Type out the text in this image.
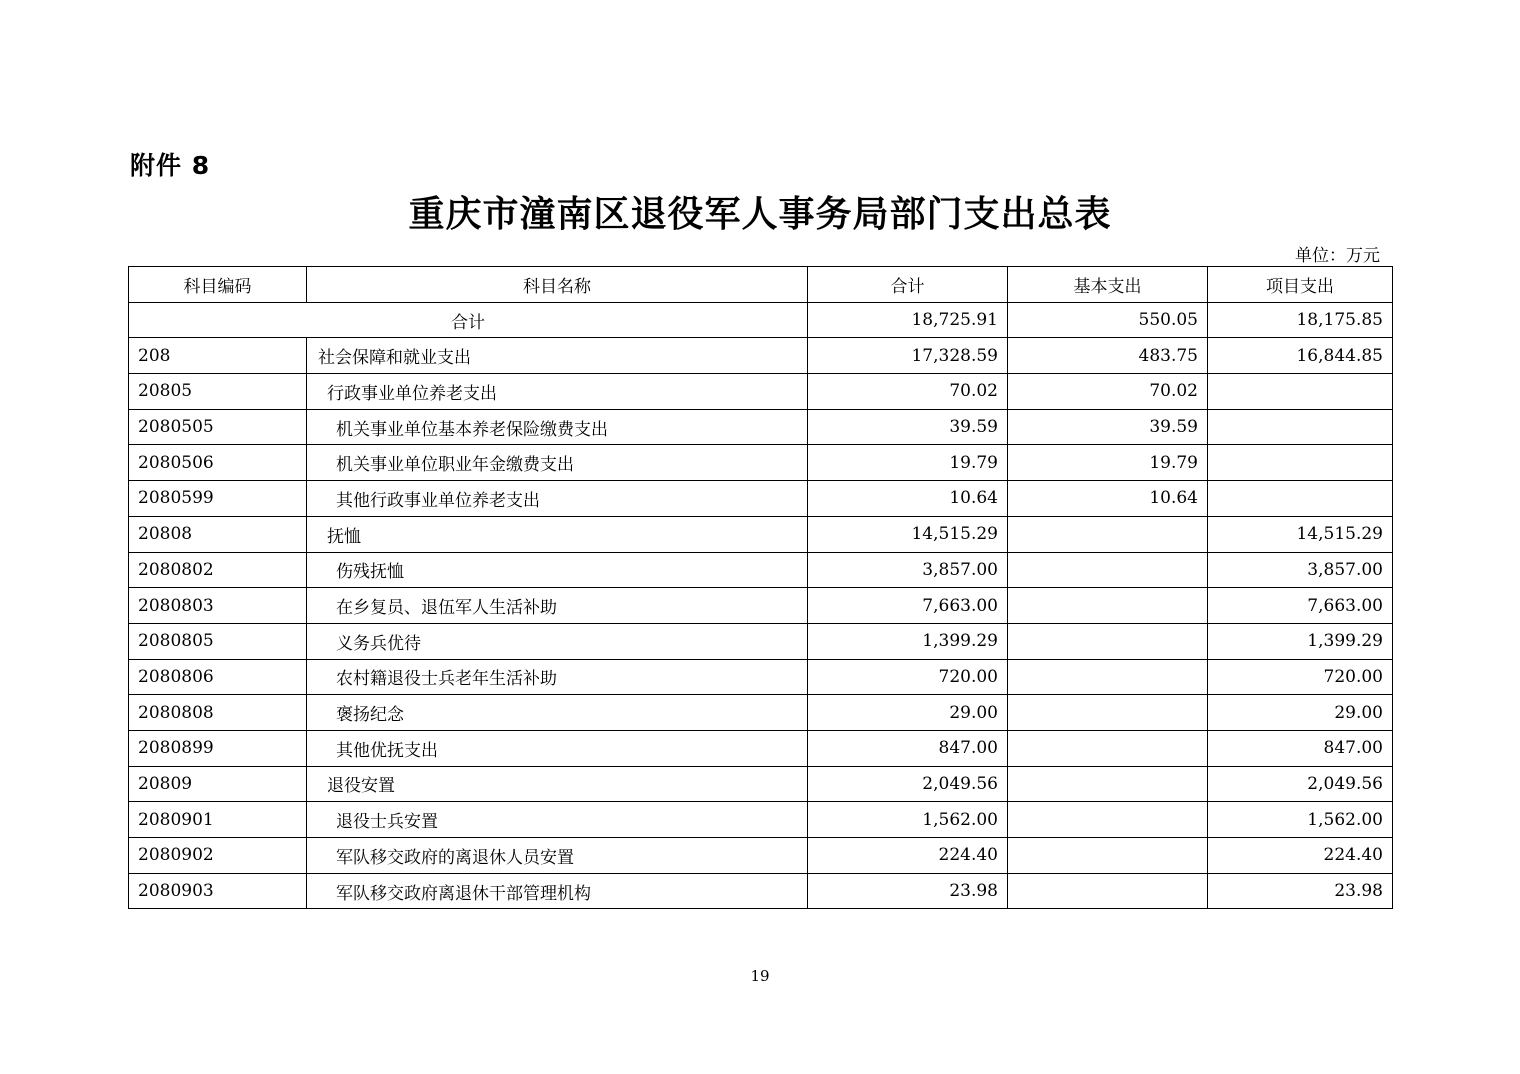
附件 8
重庆市潼南区退役军人事务局部门支出总表
单位：万元
科目编码	科目名称	合计	基本支出	项目支出
合计		18,725.91	550.05	18,175.85
208	社会保障和就业支出	17,328.59	483.75	16,844.85
20805	行政事业单位养老支出	70.02	70.02	
2080505	机关事业单位基本养老保险缴费支出	39.59	39.59	
2080506	机关事业单位职业年金缴费支出	19.79	19.79	
2080599	其他行政事业单位养老支出	10.64	10.64	
20808	抚恤	14,515.29		14,515.29
2080802	伤残抚恤	3,857.00		3,857.00
2080803	在乡复员、退伍军人生活补助	7,663.00		7,663.00
2080805	义务兵优待	1,399.29		1,399.29
2080806	农村籍退役士兵老年生活补助	720.00		720.00
2080808	褒扬纪念	29.00		29.00
2080899	其他优抚支出	847.00		847.00
20809	退役安置	2,049.56		2,049.56
2080901	退役士兵安置	1,562.00		1,562.00
2080902	军队移交政府的离退休人员安置	224.40		224.40
2080903	军队移交政府离退休干部管理机构	23.98		23.98
19
